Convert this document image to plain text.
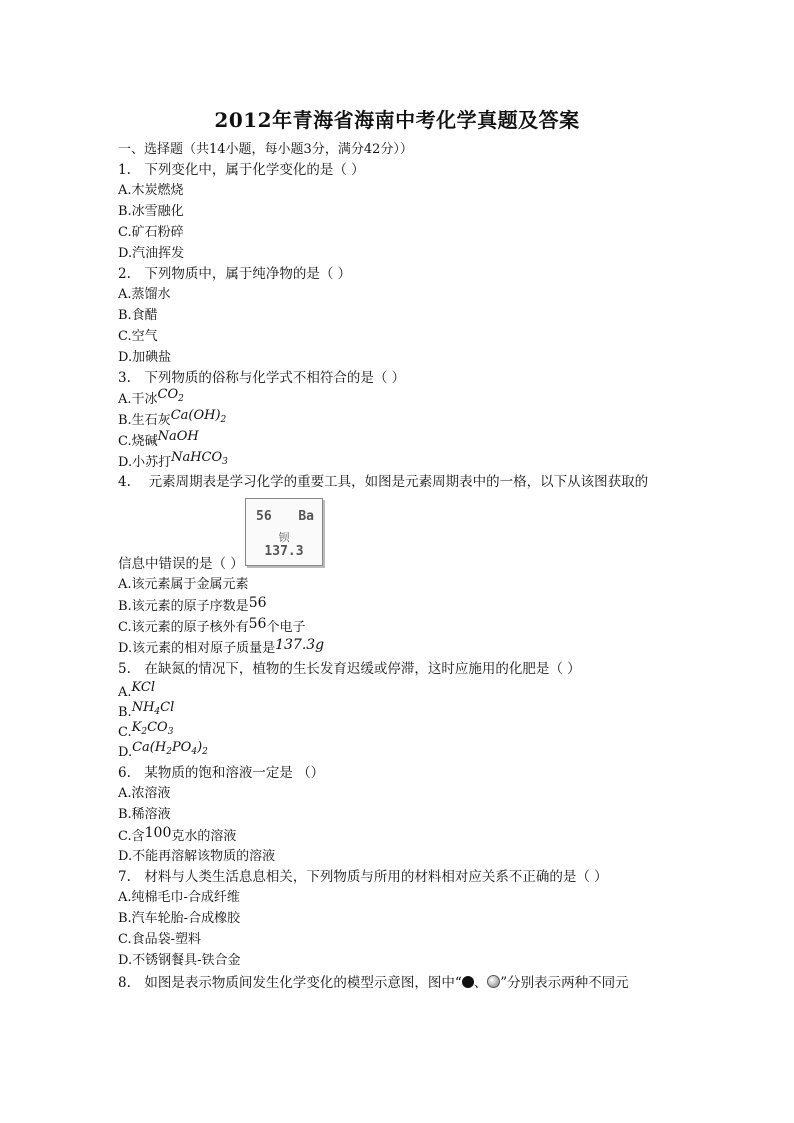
2012年青海省海南中考化学真题及答案
一、选择题（共14小题，每小题3分，满分42分））
1.　下列变化中，属于化学变化的是（ ）
A.木炭燃烧
B.冰雪融化
C.矿石粉碎
D.汽油挥发
2.　下列物质中，属于纯净物的是（ ）
A.蒸馏水
B.食醋
C.空气
D.加碘盐
3.　下列物质的俗称与化学式不相符合的是（ ）
A.干冰$CO_2$
B.生石灰$Ca(OH)_2$
C.烧碱NaOH
D.小苏打NaHCO$_3$
4.　 元素周期表是学习化学的重要工具，如图是元素周期表中的一格，以下从该图获取的
56 Ba
钡
137.3
信息中错误的是（ ）
A.该元素属于金属元素
B.该元素的原子序数是56
C.该元素的原子核外有56个电子
D.该元素的相对原子质量是137.3g
5.　在缺氮的情况下，植物的生长发育迟缓或停滞，这时应施用的化肥是（ ）
A.KCl
$B.NH_4Cl$
$C.K_2CO_3$
$D.Ca(H_2PO_4)_2$
6.　某物质的饱和溶液一定是 （）
A.浓溶液
B.稀溶液
C.含100克水的溶液
D.不能再溶解该物质的溶液
7.　材料与人类生活息息相关，下列物质与所用的材料相对应关系不正确的是（ ）
A.纯棉毛巾-合成纤维
B.汽车轮胎-合成橡胶
C.食品袋-塑料
D.不锈钢餐具-铁合金
8.　如图是表示物质间发生化学变化的模型示意图，图中“ 、 ”分别表示两种不同元
